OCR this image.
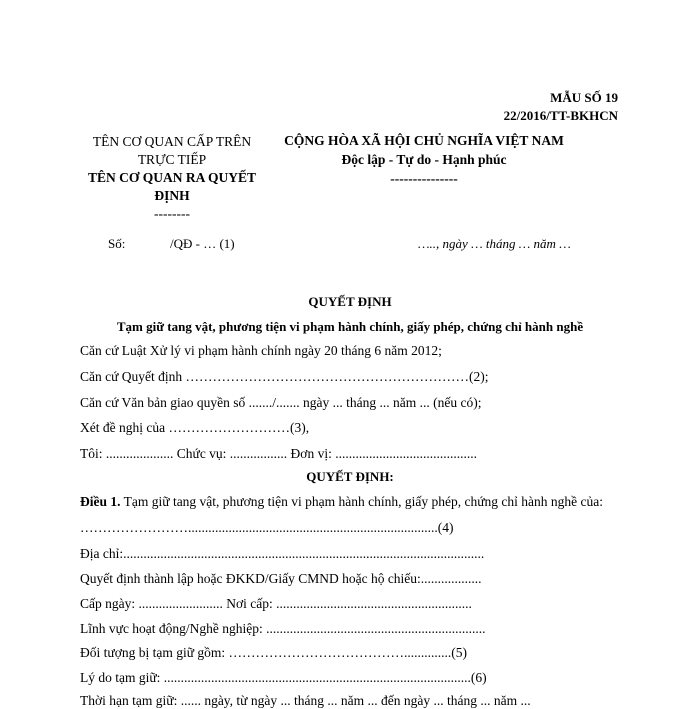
MẪU SỐ 19
22/2016/TT-BKHCN
TÊN CƠ QUAN CẤP TRÊN TRỰC TIẾP
TÊN CƠ QUAN RA QUYẾT ĐỊNH
--------
CỘNG HÒA XÃ HỘI CHỦ NGHĨA VIỆT NAM
Độc lập - Tự do - Hạnh phúc
---------------
Số:	/QĐ - … (1)	….., ngày … tháng … năm …
QUYẾT ĐỊNH
Tạm giữ tang vật, phương tiện vi phạm hành chính, giấy phép, chứng chỉ hành nghề
Căn cứ Luật Xử lý vi phạm hành chính ngày 20 tháng 6 năm 2012;
Căn cứ Quyết định ………………………………………………………(2);
Căn cứ Văn bản giao quyền số ......./....... ngày ... tháng ... năm ... (nếu có);
Xét đề nghị của ………………………(3),
Tôi: .................... Chức vụ: ................. Đơn vị: ..........................................
QUYẾT ĐỊNH:
Điều 1. Tạm giữ tang vật, phương tiện vi phạm hành chính, giấy phép, chứng chỉ hành nghề của:
……………………..........................................................................(4)
Địa chỉ:...........................................................................................................
Quyết định thành lập hoặc ĐKKD/Giấy CMND hoặc hộ chiếu:..................
Cấp ngày: ......................... Nơi cấp: ..........................................................
Lĩnh vực hoạt động/Nghề nghiệp: .................................................................
Đối tượng bị tạm giữ gồm: …………………………………..............(5)
Lý do tạm giữ: ...........................................................................................(6)
Thời hạn tạm giữ: ...... ngày, từ ngày ... tháng ... năm ... đến ngày ... tháng ... năm ...
